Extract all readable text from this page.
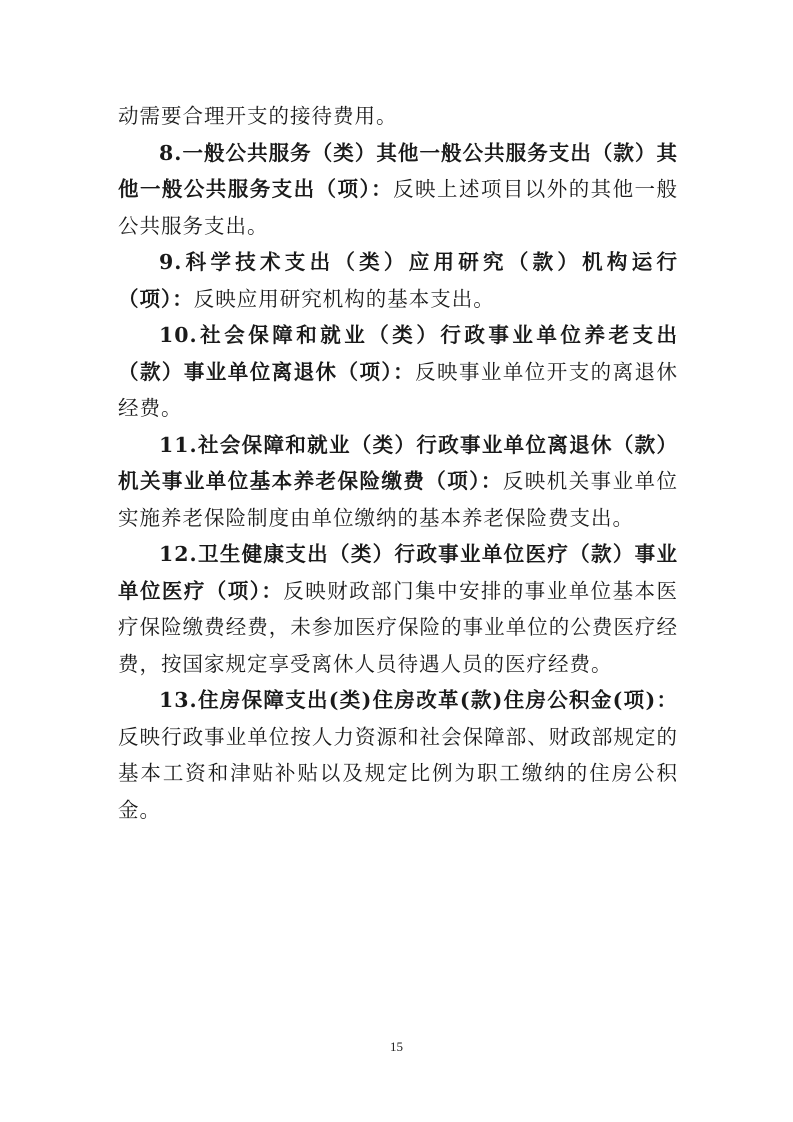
动需要合理开支的接待费用。

8.一般公共服务（类）其他一般公共服务支出（款）其他一般公共服务支出（项）：反映上述项目以外的其他一般公共服务支出。

9.科学技术支出（类）应用研究（款）机构运行（项）：反映应用研究机构的基本支出。

10.社会保障和就业（类）行政事业单位养老支出（款）事业单位离退休（项）：反映事业单位开支的离退休经费。

11.社会保障和就业（类）行政事业单位离退休（款）机关事业单位基本养老保险缴费（项）：反映机关事业单位实施养老保险制度由单位缴纳的基本养老保险费支出。

12.卫生健康支出（类）行政事业单位医疗（款）事业单位医疗（项）：反映财政部门集中安排的事业单位基本医疗保险缴费经费，未参加医疗保险的事业单位的公费医疗经费，按国家规定享受离休人员待遇人员的医疗经费。

13.住房保障支出(类)住房改革(款)住房公积金(项)：反映行政事业单位按人力资源和社会保障部、财政部规定的基本工资和津贴补贴以及规定比例为职工缴纳的住房公积金。

15
